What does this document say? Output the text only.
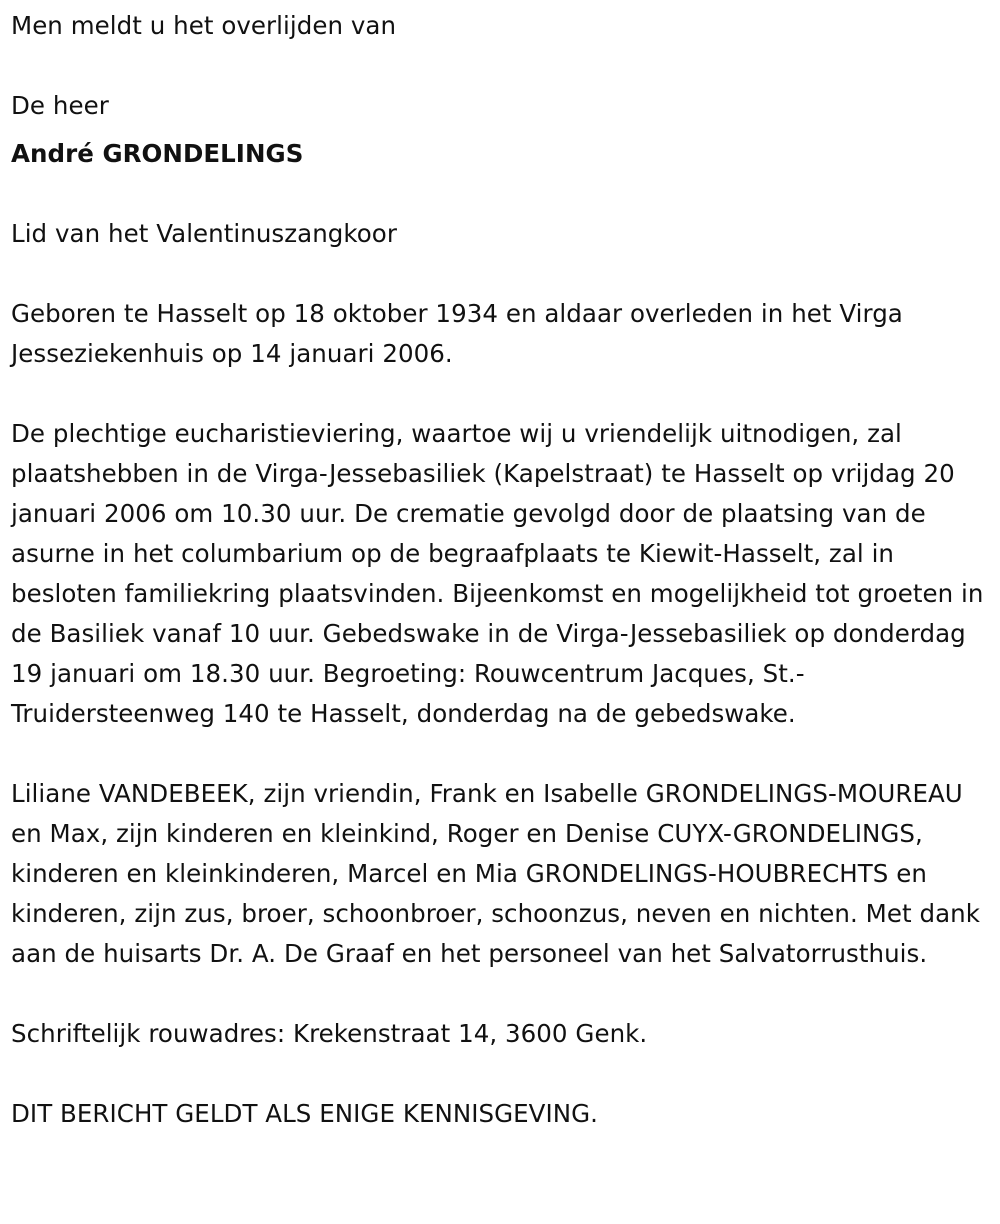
Men meldt u het overlijden van

De heer

André GRONDELINGS

Lid van het Valentinuszangkoor

Geboren te Hasselt op 18 oktober 1934 en aldaar overleden in het Virga Jesseziekenhuis op 14 januari 2006.

De plechtige eucharistieviering, waartoe wij u vriendelijk uitnodigen, zal plaatshebben in de Virga-Jessebasiliek (Kapelstraat) te Hasselt op vrijdag 20 januari 2006 om 10.30 uur. De crematie gevolgd door de plaatsing van de asurne in het columbarium op de begraafplaats te Kiewit-Hasselt, zal in besloten familiekring plaatsvinden. Bijeenkomst en mogelijkheid tot groeten in de Basiliek vanaf 10 uur. Gebedswake in de Virga-Jessebasiliek op donderdag 19 januari om 18.30 uur. Begroeting: Rouwcentrum Jacques, St.-Truidersteenweg 140 te Hasselt, donderdag na de gebedswake.

Liliane VANDEBEEK, zijn vriendin, Frank en Isabelle GRONDELINGS-MOUREAU en Max, zijn kinderen en kleinkind, Roger en Denise CUYX-GRONDELINGS, kinderen en kleinkinderen, Marcel en Mia GRONDELINGS-HOUBRECHTS en kinderen, zijn zus, broer, schoonbroer, schoonzus, neven en nichten. Met dank aan de huisarts Dr. A. De Graaf en het personeel van het Salvatorrusthuis.

Schriftelijk rouwadres: Krekenstraat 14, 3600 Genk.

DIT BERICHT GELDT ALS ENIGE KENNISGEVING.
